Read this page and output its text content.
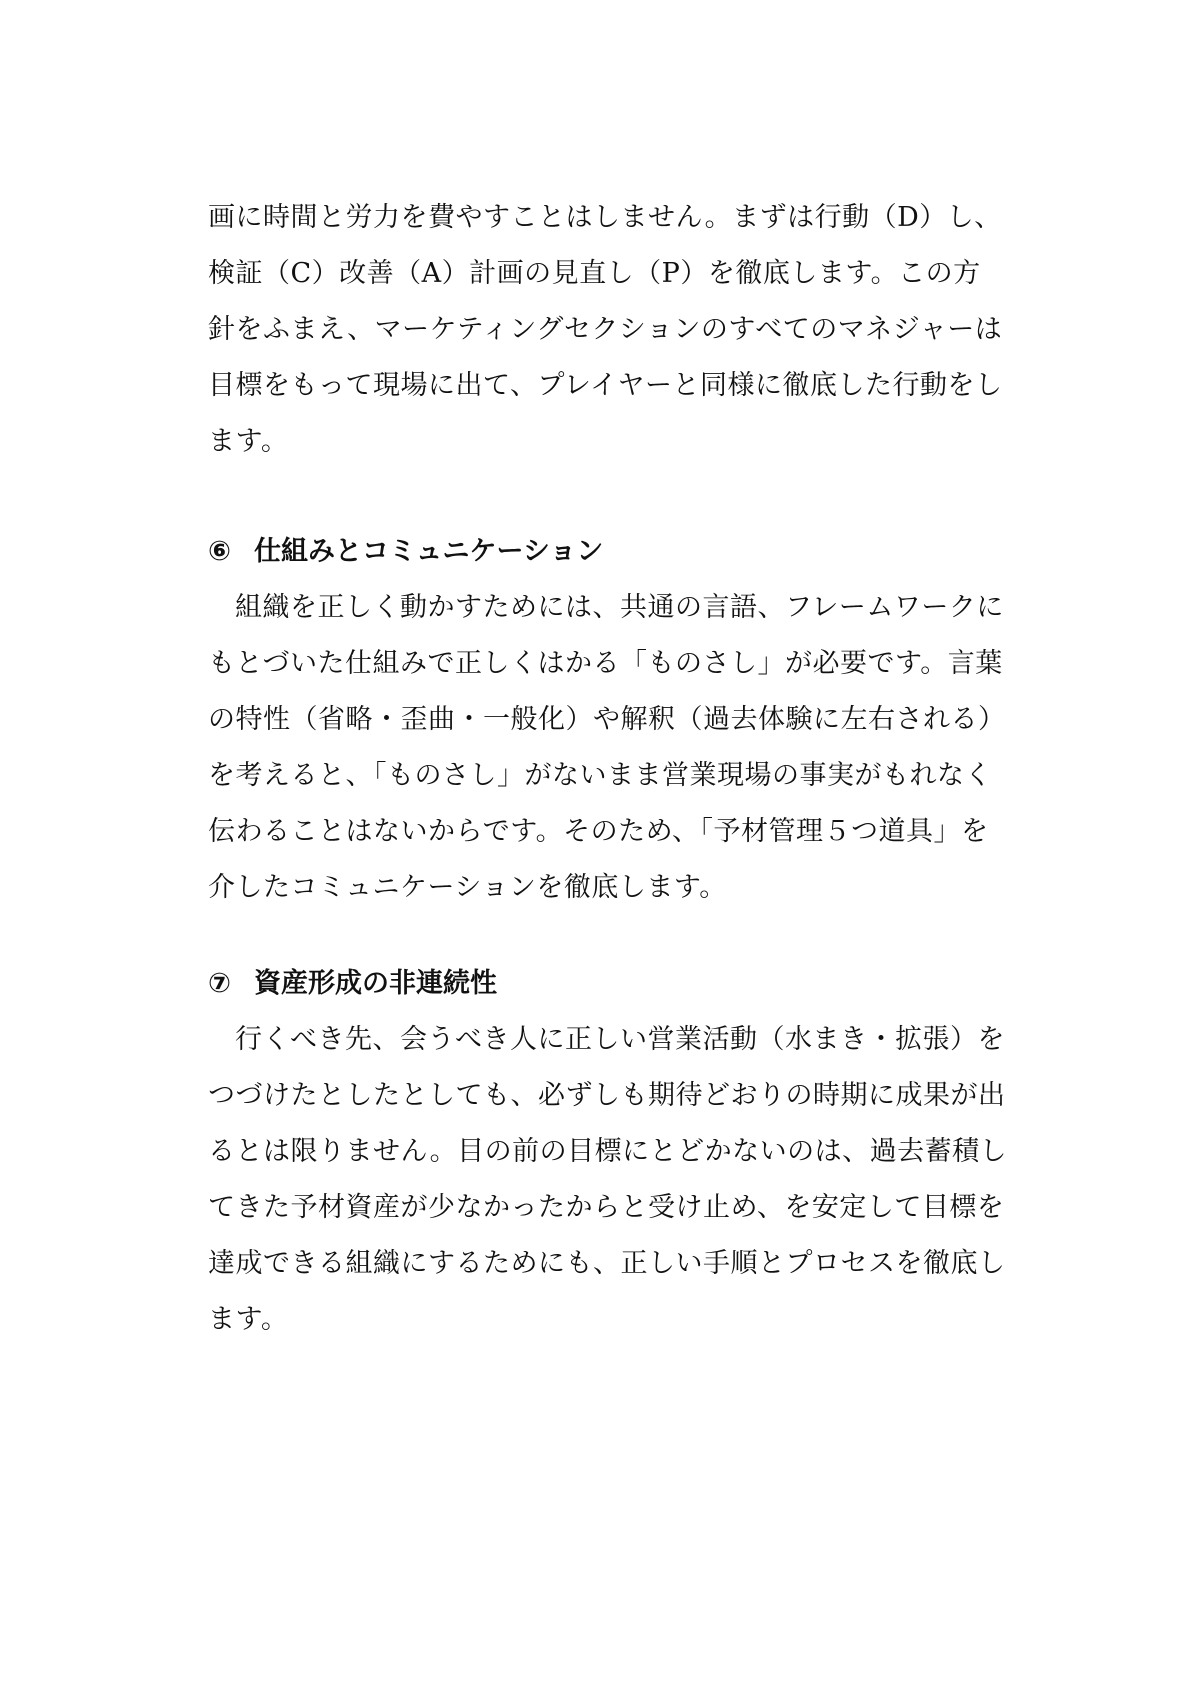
画に時間と労力を費やすことはしません。まずは行動（D）し、
検証（C）改善（A）計画の見直し（P）を徹底します。この方
針をふまえ、マーケティングセクションのすべてのマネジャーは
目標をもって現場に出て、プレイヤーと同様に徹底した行動をし
ます。
⑥ 仕組みとコミュニケーション
組織を正しく動かすためには、共通の言語、フレームワークに
もとづいた仕組みで正しくはかる「ものさし」が必要です。言葉
の特性（省略・歪曲・一般化）や解釈（過去体験に左右される）
を考えると、「ものさし」がないまま営業現場の事実がもれなく
伝わることはないからです。そのため、「予材管理５つ道具」を
介したコミュニケーションを徹底します。
⑦ 資産形成の非連続性
行くべき先、会うべき人に正しい営業活動（水まき・拡張）を
つづけたとしたとしても、必ずしも期待どおりの時期に成果が出
るとは限りません。目の前の目標にとどかないのは、過去蓄積し
てきた予材資産が少なかったからと受け止め、を安定して目標を
達成できる組織にするためにも、正しい手順とプロセスを徹底し
ます。
